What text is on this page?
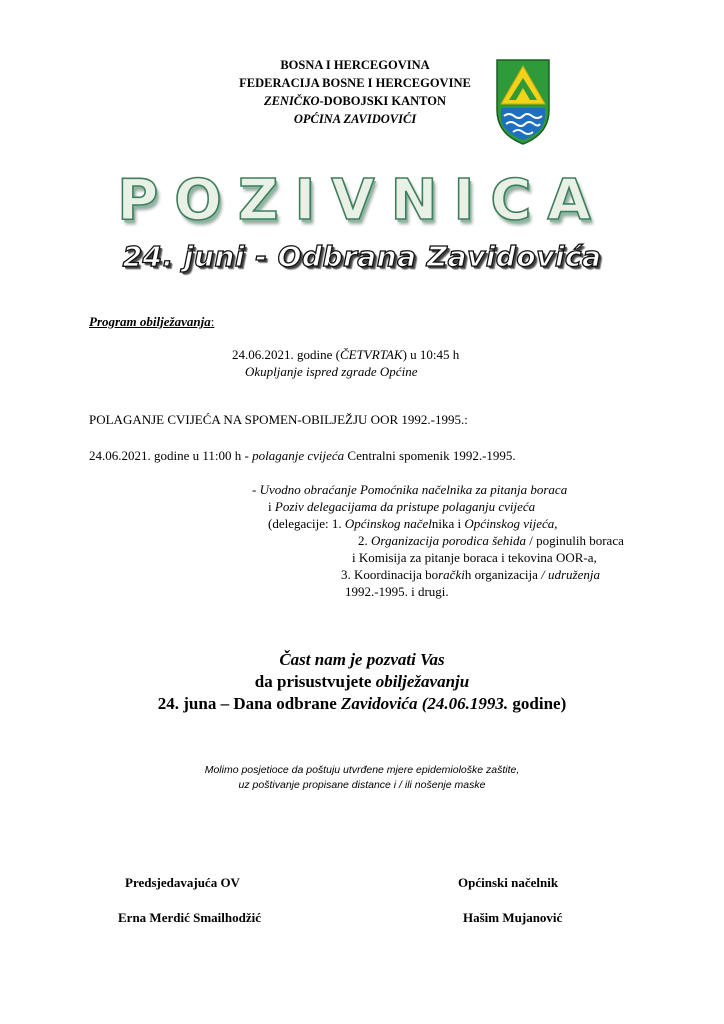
BOSNA I HERCEGOVINA
FEDERACIJA BOSNE I HERCEGOVINE
ZENIČKO-DOBOJSKI KANTON
OPĆINA ZAVIDOVIĆI
POZIVNICA
24. juni - Odbrana Zavidovića
Program obilježavanja:
24.06.2021. godine (ČETVRTAK) u 10:45 h
Okupljanje ispred zgrade Općine
POLAGANJE CVIJEĆA NA SPOMEN-OBILJEŽJU OOR 1992.-1995.:
24.06.2021. godine u 11:00 h - polaganje cvijeća Centralni spomenik 1992.-1995.
- Uvodno obraćanje Pomoćnika načelnika za pitanja boraca
i Poziv delegacijama da pristupe polaganju cvijeća
(delegacije: 1. Općinskog načelnika i Općinskog vijeća,
2. Organizacija porodica šehida / poginulih boraca
i Komisija za pitanje boraca i tekovina OOR-a,
3. Koordinacija boračkih organizacija / udruženja
1992.-1995. i drugi.
Čast nam je pozvati Vas
da prisustvujete obilježavanju
24. juna – Dana odbrane Zavidovića (24.06.1993. godine)
Molimo posjetioce da poštuju utvrđene mjere epidemiološke zaštite,
uz poštivanje propisane distance i / ili nošenje maske
Predsjedavajuća OV
Erna Merdić Smailhodžić
Općinski načelnik
Hašim Mujanović
